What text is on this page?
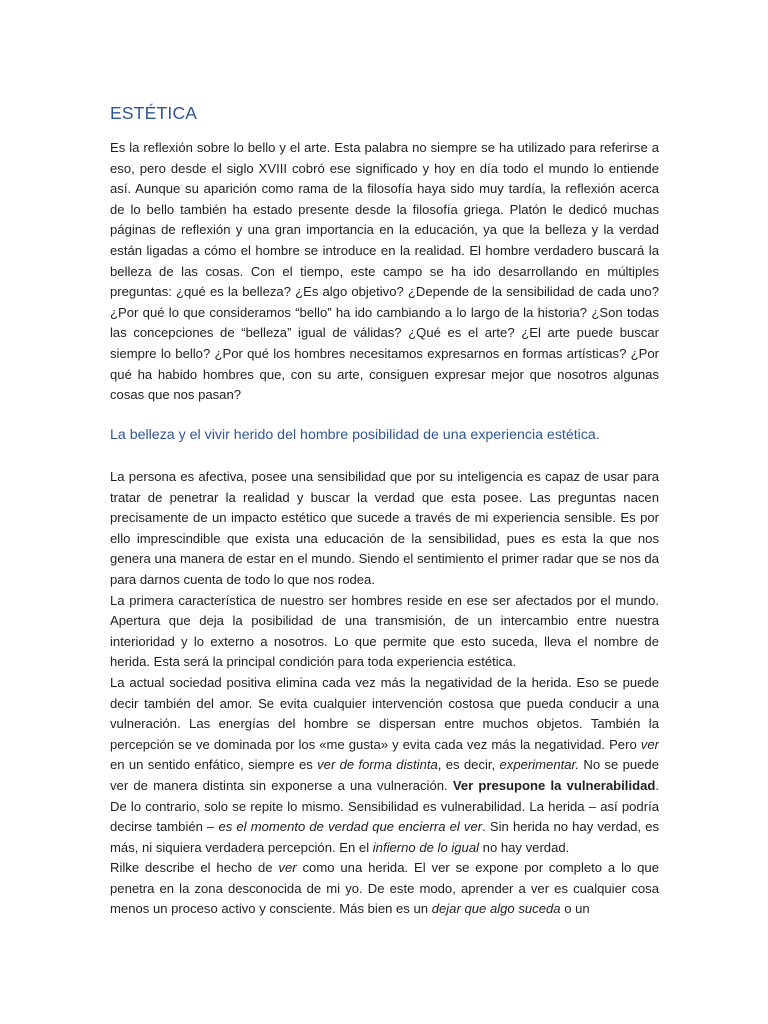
ESTÉTICA

Es la reflexión sobre lo bello y el arte. Esta palabra no siempre se ha utilizado para referirse a eso, pero desde el siglo XVIII cobró ese significado y hoy en día todo el mundo lo entiende así. Aunque su aparición como rama de la filosofía haya sido muy tardía, la reflexión acerca de lo bello también ha estado presente desde la filosofía griega. Platón le dedicó muchas páginas de reflexión y una gran importancia en la educación, ya que la belleza y la verdad están ligadas a cómo el hombre se introduce en la realidad. El hombre verdadero buscará la belleza de las cosas. Con el tiempo, este campo se ha ido desarrollando en múltiples preguntas: ¿qué es la belleza? ¿Es algo objetivo? ¿Depende de la sensibilidad de cada uno? ¿Por qué lo que consideramos “bello” ha ido cambiando a lo largo de la historia? ¿Son todas las concepciones de “belleza” igual de válidas? ¿Qué es el arte? ¿El arte puede buscar siempre lo bello? ¿Por qué los hombres necesitamos expresarnos en formas artísticas? ¿Por qué ha habido hombres que, con su arte, consiguen expresar mejor que nosotros algunas cosas que nos pasan?

La belleza y el vivir herido del hombre posibilidad de una experiencia estética.
La persona es afectiva, posee una sensibilidad que por su inteligencia es capaz de usar para tratar de penetrar la realidad y buscar la verdad que esta posee. Las preguntas nacen precisamente de un impacto estético que sucede a través de mi experiencia sensible. Es por ello imprescindible que exista una educación de la sensibilidad, pues es esta la que nos genera una manera de estar en el mundo. Siendo el sentimiento el primer radar que se nos da para darnos cuenta de todo lo que nos rodea.
La primera característica de nuestro ser hombres reside en ese ser afectados por el mundo. Apertura que deja la posibilidad de una transmisión, de un intercambio entre nuestra interioridad y lo externo a nosotros. Lo que permite que esto suceda, lleva el nombre de herida. Esta será la principal condición para toda experiencia estética.
La actual sociedad positiva elimina cada vez más la negatividad de la herida. Eso se puede decir también del amor. Se evita cualquier intervención costosa que pueda conducir a una vulneración. Las energías del hombre se dispersan entre muchos objetos. También la percepción se ve dominada por los «me gusta» y evita cada vez más la negatividad. Pero ver en un sentido enfático, siempre es ver de forma distinta, es decir, experimentar. No se puede ver de manera distinta sin exponerse a una vulneración. Ver presupone la vulnerabilidad. De lo contrario, solo se repite lo mismo. Sensibilidad es vulnerabilidad. La herida – así podría decirse también – es el momento de verdad que encierra el ver. Sin herida no hay verdad, es más, ni siquiera verdadera percepción. En el infierno de lo igual no hay verdad.
Rilke describe el hecho de ver como una herida. El ver se expone por completo a lo que penetra en la zona desconocida de mi yo. De este modo, aprender a ver es cualquier cosa menos un proceso activo y consciente. Más bien es un dejar que algo suceda o un
